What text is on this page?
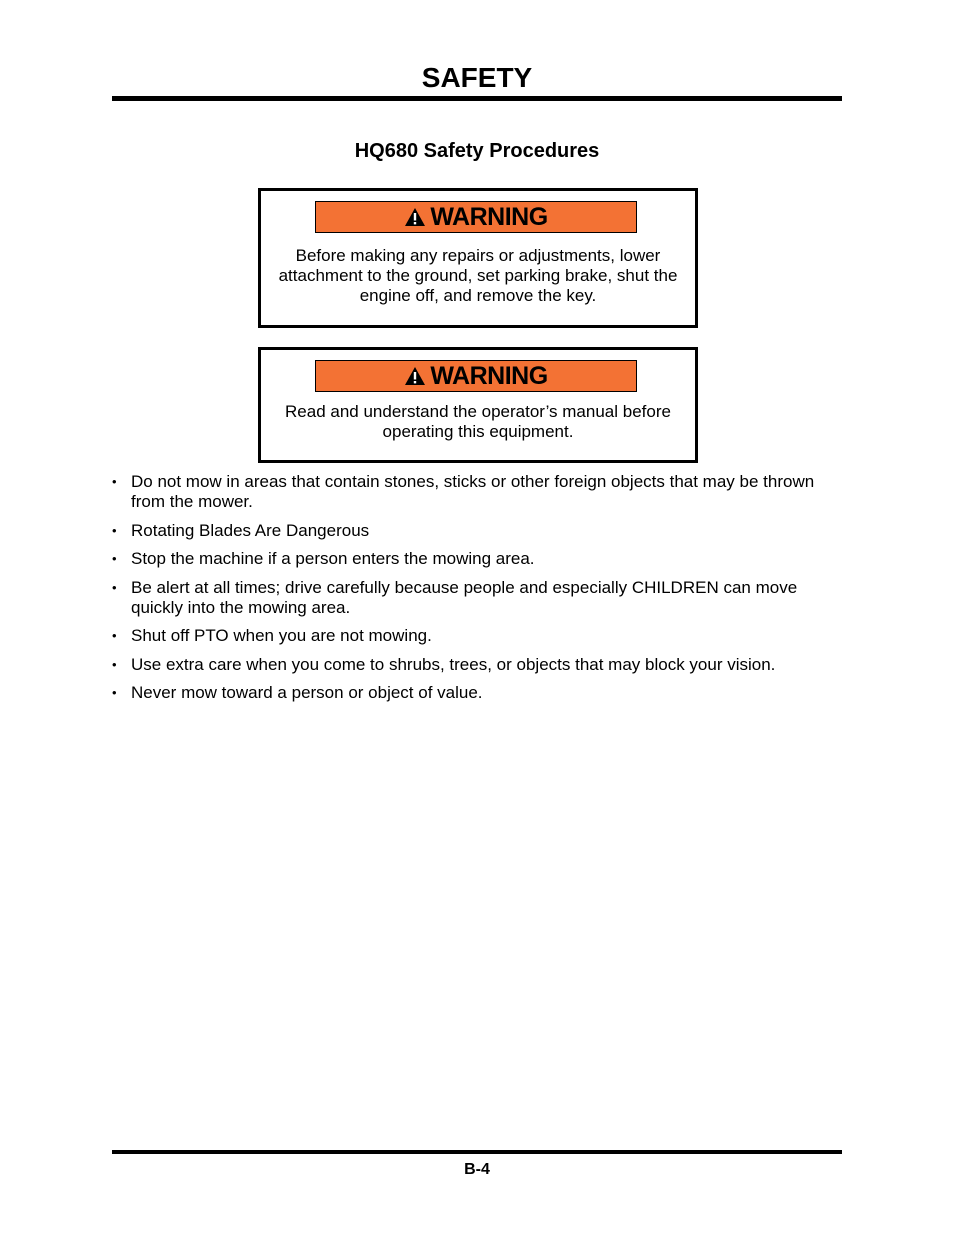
SAFETY
HQ680 Safety Procedures
WARNING
Before making any repairs or adjustments, lower attachment to the ground, set parking brake, shut the engine off, and remove the key.
WARNING
Read and understand the operator’s manual before operating this equipment.
• Do not mow in areas that contain stones, sticks or other foreign objects that may be thrown from the mower.
• Rotating Blades Are Dangerous
• Stop the machine if a person enters the mowing area.
• Be alert at all times; drive carefully because people and especially CHILDREN can move quickly into the mowing area.
• Shut off PTO when you are not mowing.
• Use extra care when you come to shrubs, trees, or objects that may block your vision.
• Never mow toward a person or object of value.
B-4
